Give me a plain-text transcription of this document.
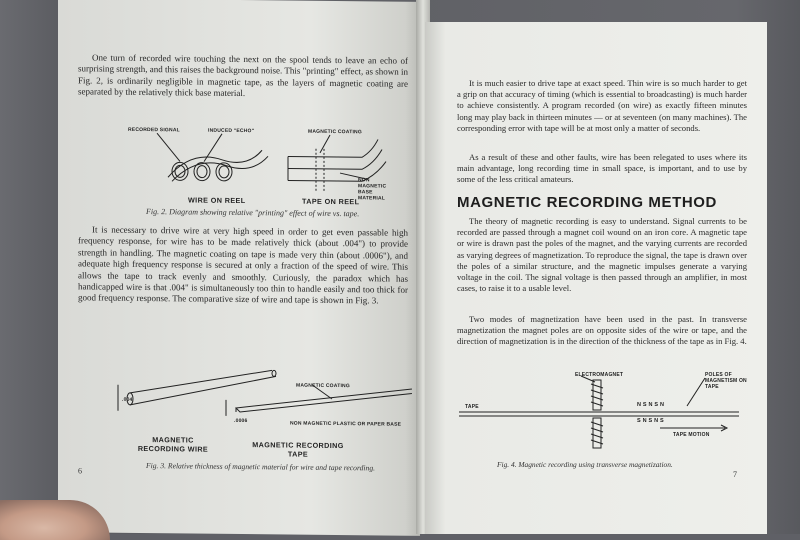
One turn of recorded wire touching the next on the spool tends to leave an echo of surprising strength, and this raises the background noise. This "printing" effect, as shown in Fig. 2, is ordinarily negligible in magnetic tape, as the layers of magnetic coating are separated by the relatively thick base material.
RECORDED SIGNAL	INDUCED "ECHO"	MAGNETIC COATING
NON MAGNETIC BASE MATERIAL
WIRE ON REEL	TAPE ON REEL
Fig. 2. Diagram showing relative "printing" effect of wire vs. tape.
It is necessary to drive wire at very high speed in order to get even passable high frequency response, for wire has to be made relatively thick (about .004") to provide strength in handling. The magnetic coating on tape is made very thin (about .0006"), and adequate high frequency response is secured at only a fraction of the speed of wire. This allows the tape to track evenly and smoothly. Curiously, the paradox which has handicapped wire is that .004" is simultaneously too thin to handle easily and too thick for good frequency response. The comparative size of wire and tape is shown in Fig. 3.
.004
.0006
MAGNETIC COATING
NON MAGNETIC PLASTIC OR PAPER BASE
MAGNETIC RECORDING WIRE	MAGNETIC RECORDING TAPE
Fig. 3. Relative thickness of magnetic material for wire and tape recording.
6
It is much easier to drive tape at exact speed. Thin wire is so much harder to get a grip on that accuracy of timing (which is essential to broadcasting) is much harder to achieve consistently. A program recorded (on wire) as exactly fifteen minutes long may play back in thirteen minutes — or at seventeen (on many machines). The corresponding error with tape will be at most only a matter of seconds.
As a result of these and other faults, wire has been relegated to uses where its main advantage, long recording time in small space, is important, and to use by some of the less critical amateurs.
MAGNETIC RECORDING METHOD
The theory of magnetic recording is easy to understand. Signal currents to be recorded are passed through a magnet coil wound on an iron core. A magnetic tape or wire is drawn past the poles of the magnet, and the varying currents are recorded as varying degrees of magnetization. To reproduce the signal, the tape is drawn over the poles of a similar structure, and the magnetic impulses generate a varying voltage in the coil. The signal voltage is then passed through an amplifier, in most cases, to raise it to a usable level.
Two modes of magnetization have been used in the past. In transverse magnetization the magnet poles are on opposite sides of the wire or tape, and the direction of magnetization is in the direction of the thickness of the tape as in Fig. 4.
ELECTROMAGNET	POLES OF MAGNETISM ON TAPE
TAPE	N S N S N
S N S N S
TAPE MOTION
Fig. 4. Magnetic recording using transverse magnetization.
7
